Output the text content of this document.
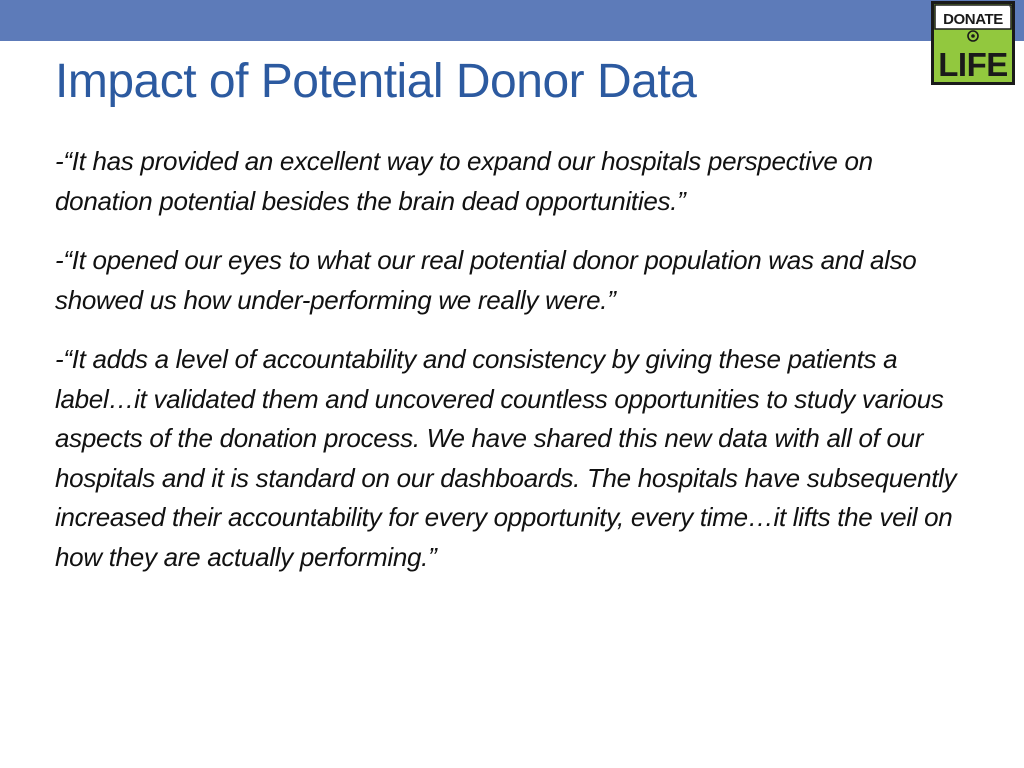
Impact of Potential Donor Data
DONATE
LIFE
®

-“It has provided an excellent way to expand our hospitals perspective on donation potential besides the brain dead opportunities.”

-“It opened our eyes to what our real potential donor population was and also showed us how under-performing we really were.”

-“It adds a level of accountability and consistency by giving these patients a label…it validated them and uncovered countless opportunities to study various aspects of the donation process. We have shared this new data with all of our hospitals and it is standard on our dashboards. The hospitals have subsequently increased their accountability for every opportunity, every time…it lifts the veil on how they are actually performing.”
